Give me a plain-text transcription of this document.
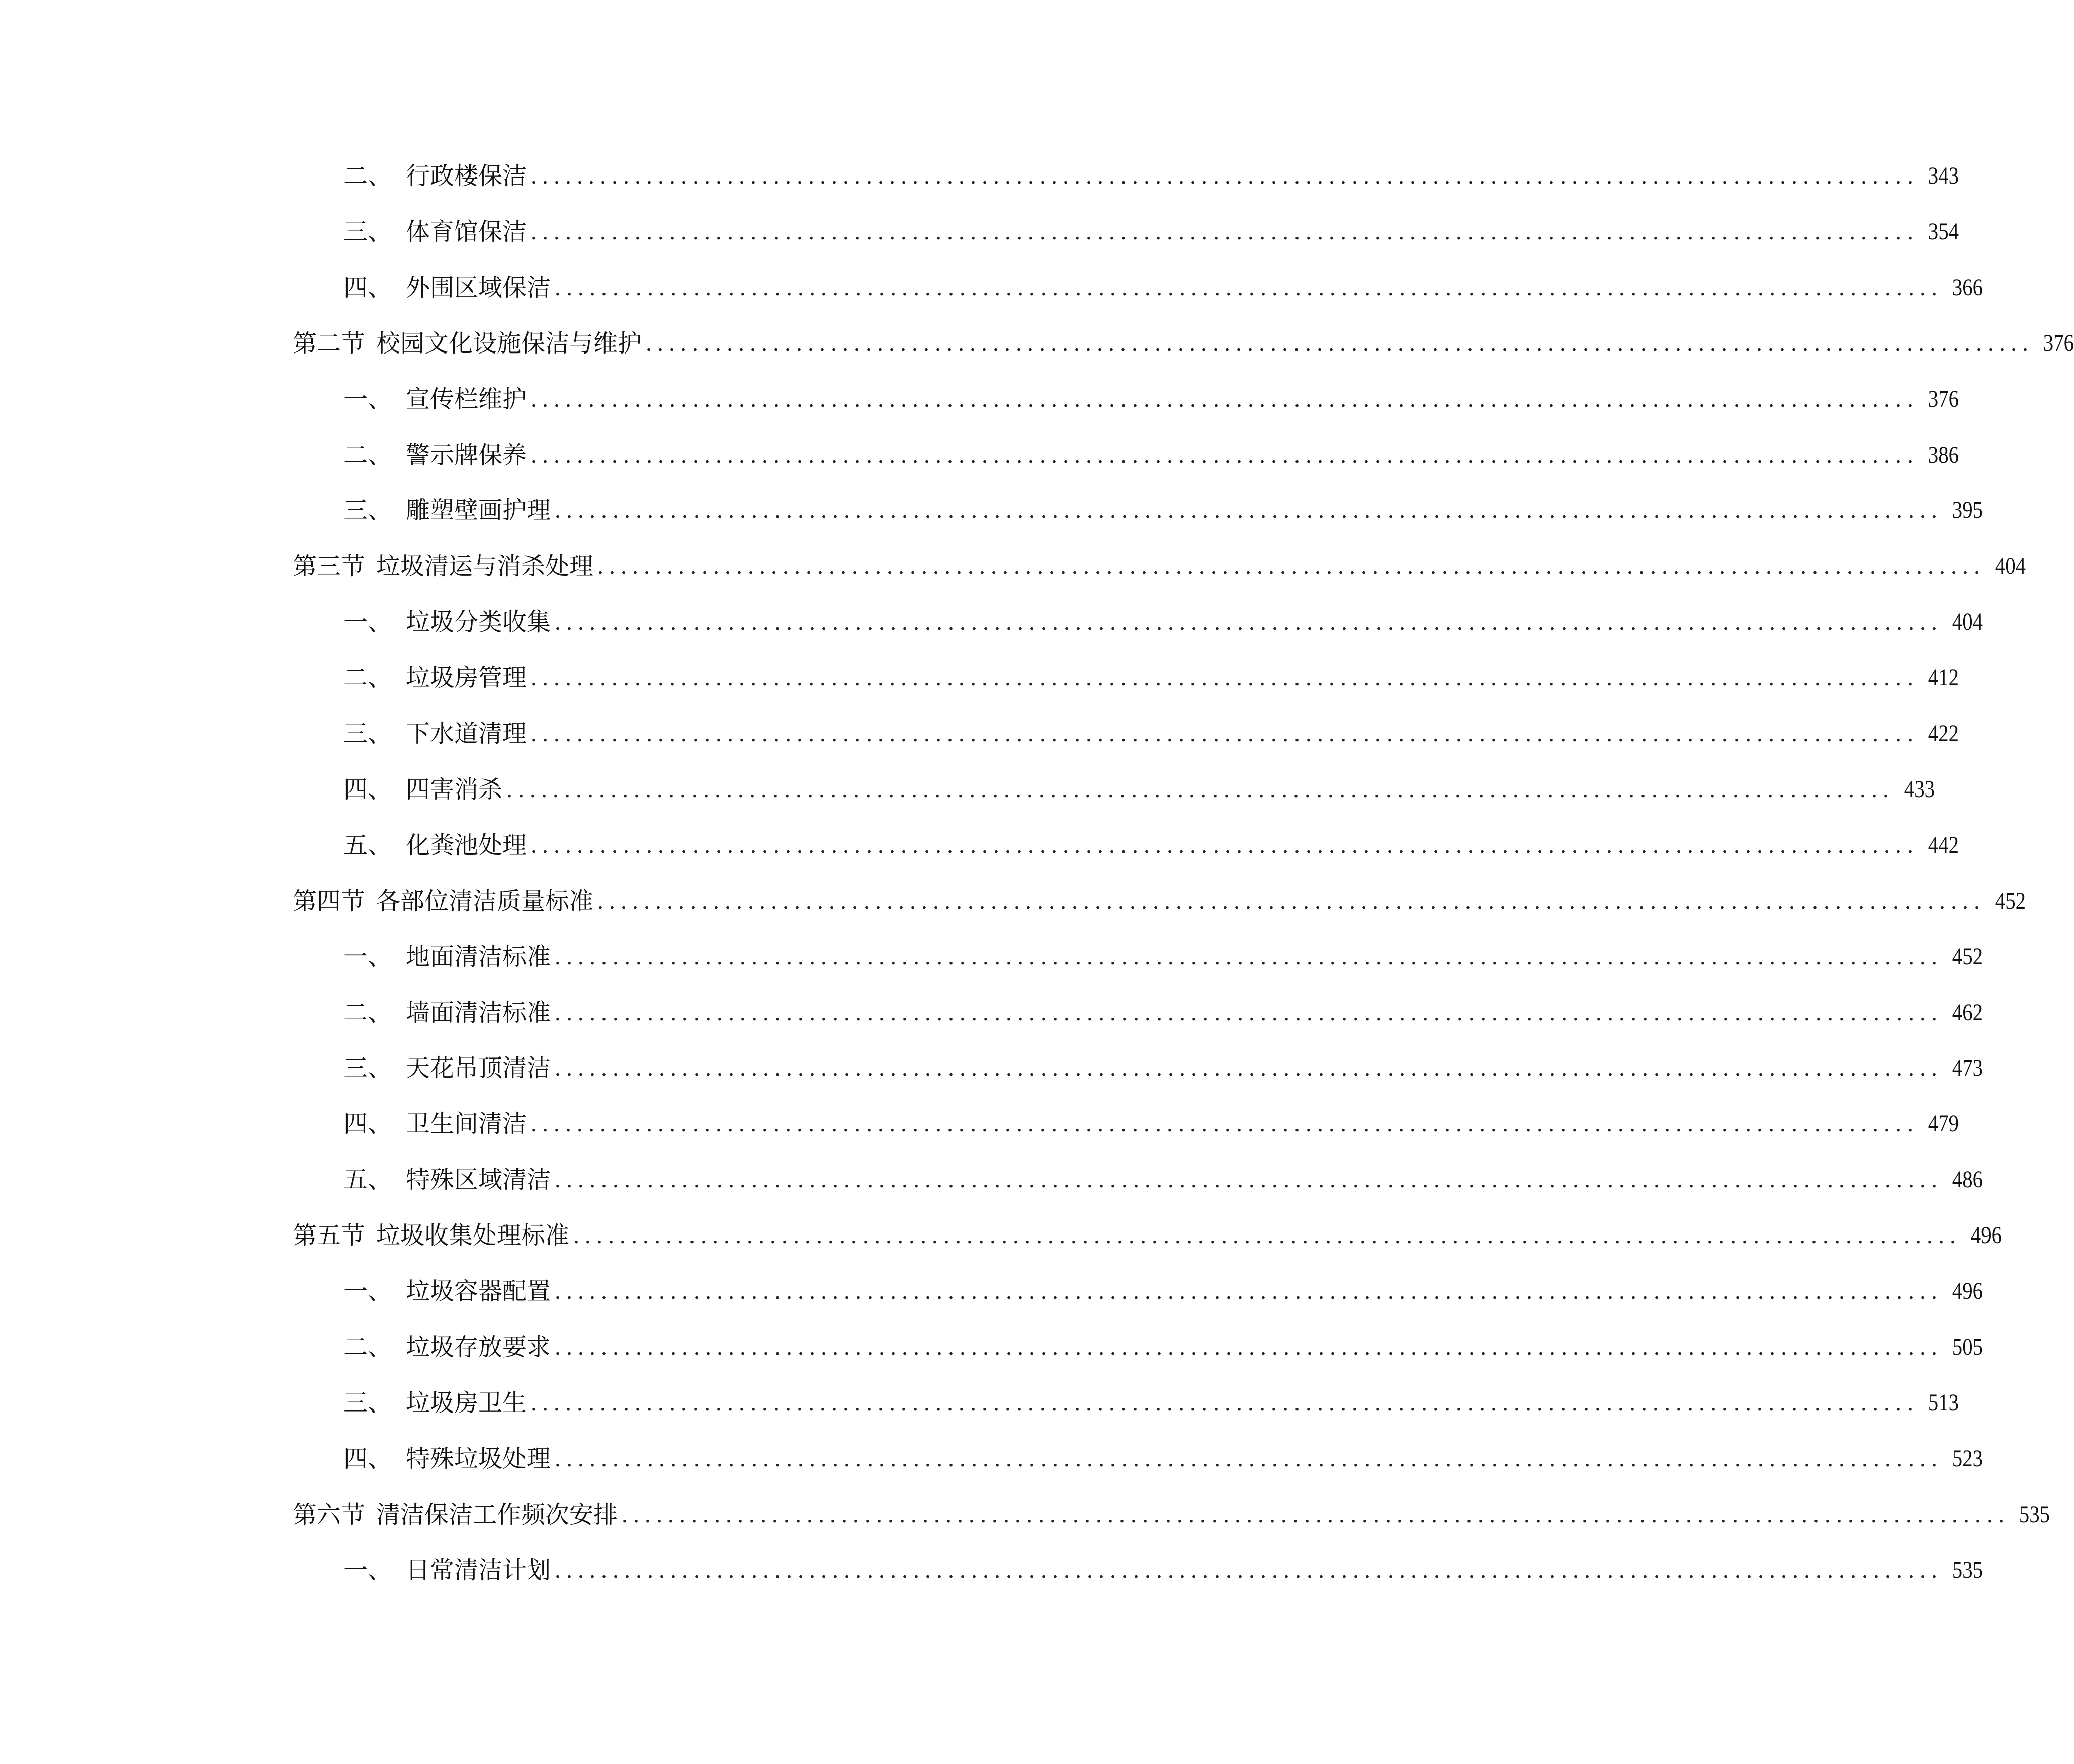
二、 行政楼保洁 ........................................................................................................................ 343
三、 体育馆保洁 ........................................................................................................................ 354
四、 外围区域保洁 ........................................................................................................................ 366
第二节 校园文化设施保洁与维护 ........................................................................................................................ 376
一、 宣传栏维护 ........................................................................................................................ 376
二、 警示牌保养 ........................................................................................................................ 386
三、 雕塑壁画护理 ........................................................................................................................ 395
第三节 垃圾清运与消杀处理 ........................................................................................................................ 404
一、 垃圾分类收集 ........................................................................................................................ 404
二、 垃圾房管理 ........................................................................................................................ 412
三、 下水道清理 ........................................................................................................................ 422
四、 四害消杀 ........................................................................................................................ 433
五、 化粪池处理 ........................................................................................................................ 442
第四节 各部位清洁质量标准 ........................................................................................................................ 452
一、 地面清洁标准 ........................................................................................................................ 452
二、 墙面清洁标准 ........................................................................................................................ 462
三、 天花吊顶清洁 ........................................................................................................................ 473
四、 卫生间清洁 ........................................................................................................................ 479
五、 特殊区域清洁 ........................................................................................................................ 486
第五节 垃圾收集处理标准 ........................................................................................................................ 496
一、 垃圾容器配置 ........................................................................................................................ 496
二、 垃圾存放要求 ........................................................................................................................ 505
三、 垃圾房卫生 ........................................................................................................................ 513
四、 特殊垃圾处理 ........................................................................................................................ 523
第六节 清洁保洁工作频次安排 ........................................................................................................................ 535
一、 日常清洁计划 ........................................................................................................................ 535
